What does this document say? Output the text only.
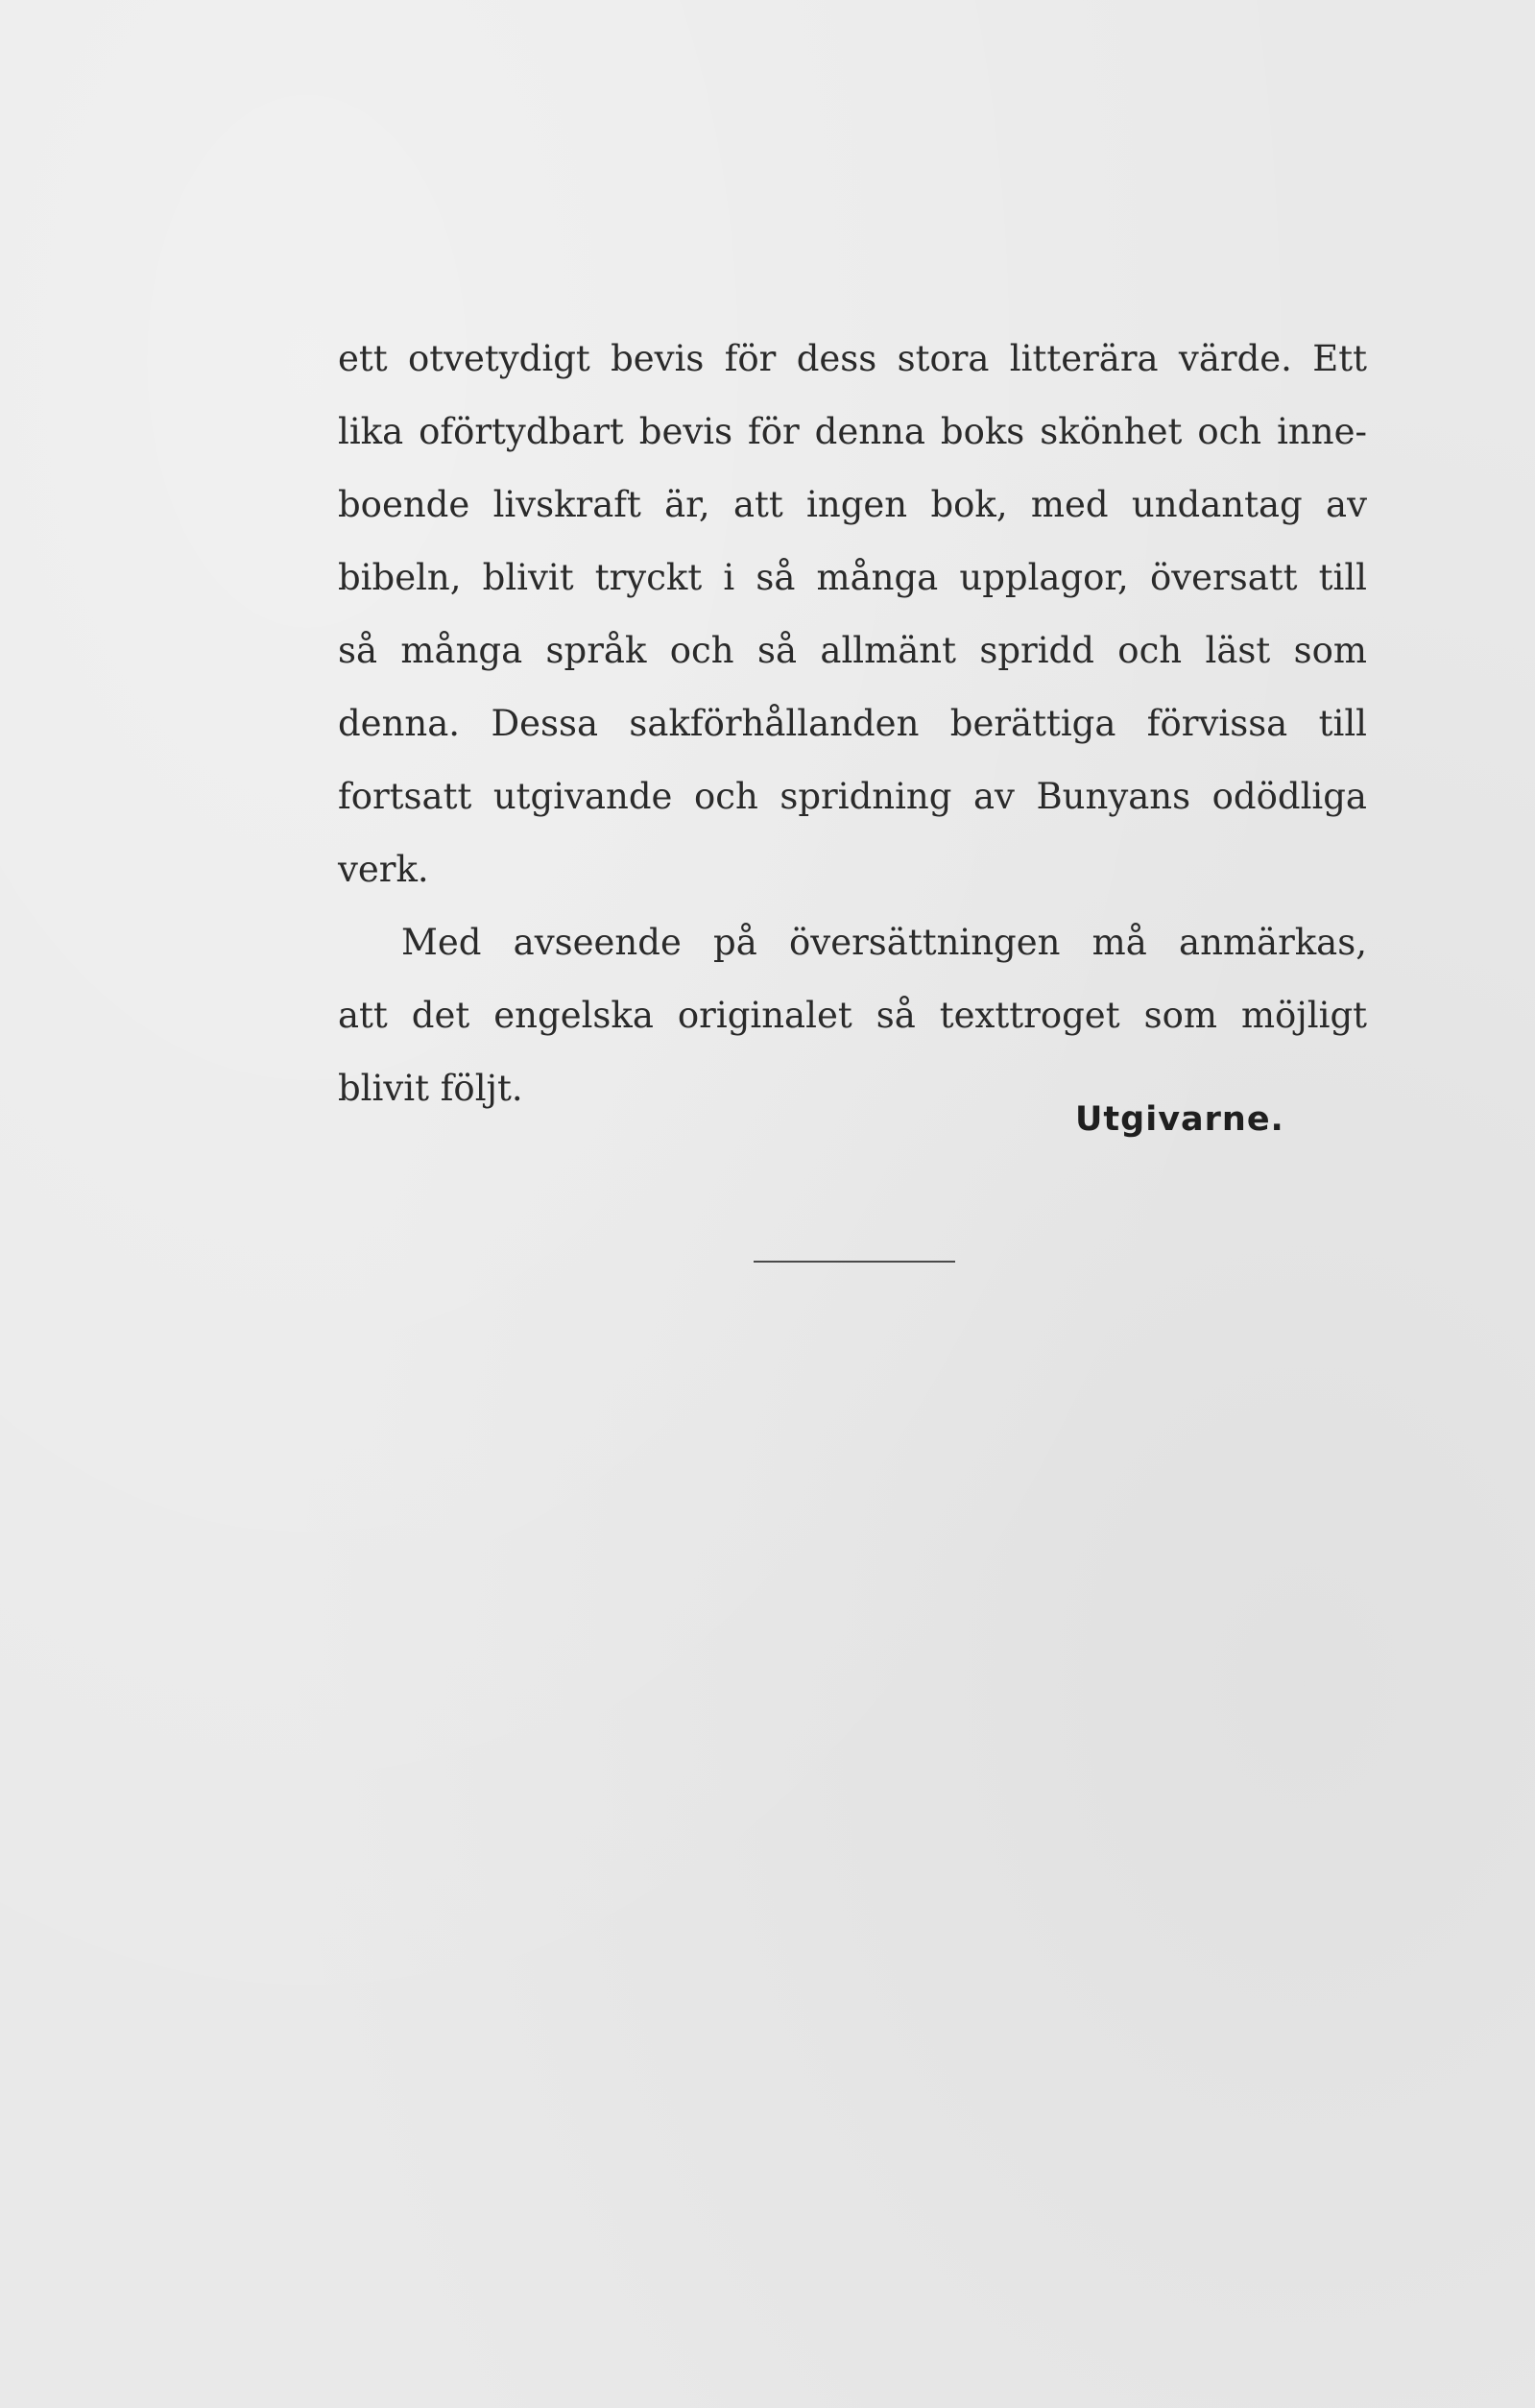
ett otvetydigt bevis för dess stora litterära värde. Ett
lika oförtydbart bevis för denna boks skönhet och inne-
boende livskraft är, att ingen bok, med undantag av
bibeln, blivit tryckt i så många upplagor, översatt till
så många språk och så allmänt spridd och läst som
denna. Dessa sakförhållanden berättiga förvissa till
fortsatt utgivande och spridning av Bunyans odödliga
verk.
Med avseende på översättningen må anmärkas,
att det engelska originalet så texttroget som möjligt
blivit följt.
Utgivarne.
